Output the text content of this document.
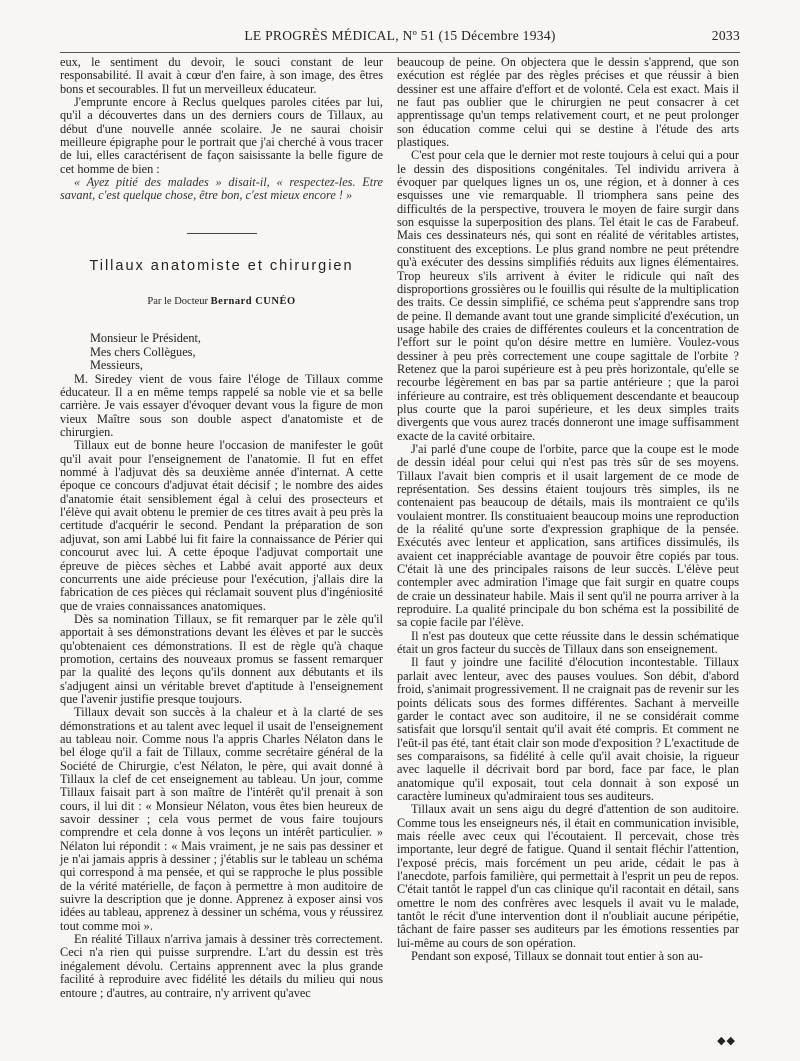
LE PROGRÈS MÉDICAL, Nº 51 (15 Décembre 1934)	2033

eux, le sentiment du devoir, le souci constant de leur responsabilité. Il avait à cœur d'en faire, à son image, des êtres bons et secourables. Il fut un merveilleux éducateur.

J'emprunte encore à Reclus quelques paroles citées par lui, qu'il a découvertes dans un des derniers cours de Tillaux, au début d'une nouvelle année scolaire. Je ne saurai choisir meilleure épigraphe pour le portrait que j'ai cherché à vous tracer de lui, elles caractérisent de façon saisissante la belle figure de cet homme de bien :

« Ayez pitié des malades » disait-il, « respectez-les. Etre savant, c'est quelque chose, être bon, c'est mieux encore ! »

Tillaux anatomiste et chirurgien
Par le Docteur Bernard CUNÉO
Monsieur le Président,
Mes chers Collègues,
Messieurs,

M. Siredey vient de vous faire l'éloge de Tillaux comme éducateur. Il a en même temps rappelé sa noble vie et sa belle carrière. Je vais essayer d'évoquer devant vous la figure de mon vieux Maître sous son double aspect d'anatomiste et de chirurgien.

Tillaux eut de bonne heure l'occasion de manifester le goût qu'il avait pour l'enseignement de l'anatomie. Il fut en effet nommé à l'adjuvat dès sa deuxième année d'internat. A cette époque ce concours d'adjuvat était décisif ; le nombre des aides d'anatomie était sensiblement égal à celui des prosecteurs et l'élève qui avait obtenu le premier de ces titres avait à peu près la certitude d'acquérir le second. Pendant la préparation de son adjuvat, son ami Labbé lui fit faire la connaissance de Périer qui concourut avec lui. A cette époque l'adjuvat comportait une épreuve de pièces sèches et Labbé avait apporté aux deux concurrents une aide précieuse pour l'exécution, j'allais dire la fabrication de ces pièces qui réclamait souvent plus d'ingéniosité que de vraies connaissances anatomiques.

Dès sa nomination Tillaux, se fit remarquer par le zèle qu'il apportait à ses démonstrations devant les élèves et par le succès qu'obtenaient ces démonstrations. Il est de règle qu'à chaque promotion, certains des nouveaux promus se fassent remarquer par la qualité des leçons qu'ils donnent aux débutants et ils s'adjugent ainsi un véritable brevet d'aptitude à l'enseignement que l'avenir justifie presque toujours.

Tillaux devait son succès à la chaleur et à la clarté de ses démonstrations et au talent avec lequel il usait de l'enseignement au tableau noir. Comme nous l'a appris Charles Nélaton dans le bel éloge qu'il a fait de Tillaux, comme secrétaire général de la Société de Chirurgie, c'est Nélaton, le père, qui avait donné à Tillaux la clef de cet enseignement au tableau. Un jour, comme Tillaux faisait part à son maître de l'intérêt qu'il prenait à son cours, il lui dit : « Monsieur Nélaton, vous êtes bien heureux de savoir dessiner ; cela vous permet de vous faire toujours comprendre et cela donne à vos leçons un intérêt particulier. » Nélaton lui répondit : « Mais vraiment, je ne sais pas dessiner et je n'ai jamais appris à dessiner ; j'établis sur le tableau un schéma qui correspond à ma pensée, et qui se rapproche le plus possible de la vérité matérielle, de façon à permettre à mon auditoire de suivre la description que je donne. Apprenez à exposer ainsi vos idées au tableau, apprenez à dessiner un schéma, vous y réussirez tout comme moi ».

En réalité Tillaux n'arriva jamais à dessiner très correctement. Ceci n'a rien qui puisse surprendre. L'art du dessin est très inégalement dévolu. Certains apprennent avec la plus grande facilité à reproduire avec fidélité les détails du milieu qui nous entoure ; d'autres, au contraire, n'y arrivent qu'avec

beaucoup de peine. On objectera que le dessin s'apprend, que son exécution est réglée par des règles précises et que réussir à bien dessiner est une affaire d'effort et de volonté. Cela est exact. Mais il ne faut pas oublier que le chirurgien ne peut consacrer à cet apprentissage qu'un temps relativement court, et ne peut prolonger son éducation comme celui qui se destine à l'étude des arts plastiques.

C'est pour cela que le dernier mot reste toujours à celui qui a pour le dessin des dispositions congénitales. Tel individu arrivera à évoquer par quelques lignes un os, une région, et à donner à ces esquisses une vie remarquable. Il triomphera sans peine des difficultés de la perspective, trouvera le moyen de faire surgir dans son esquisse la superposition des plans. Tel était le cas de Farabeuf. Mais ces dessinateurs nés, qui sont en réalité de véritables artistes, constituent des exceptions. Le plus grand nombre ne peut prétendre qu'à exécuter des dessins simplifiés réduits aux lignes élémentaires. Trop heureux s'ils arrivent à éviter le ridicule qui naît des disproportions grossières ou le fouillis qui résulte de la multiplication des traits. Ce dessin simplifié, ce schéma peut s'apprendre sans trop de peine. Il demande avant tout une grande simplicité d'exécution, un usage habile des craies de différentes couleurs et la concentration de l'effort sur le point qu'on désire mettre en lumière. Voulez-vous dessiner à peu près correctement une coupe sagittale de l'orbite ? Retenez que la paroi supérieure est à peu près horizontale, qu'elle se recourbe légèrement en bas par sa partie antérieure ; que la paroi inférieure au contraire, est très obliquement descendante et beaucoup plus courte que la paroi supérieure, et les deux simples traits divergents que vous aurez tracés donneront une image suffisamment exacte de la cavité orbitaire.

J'ai parlé d'une coupe de l'orbite, parce que la coupe est le mode de dessin idéal pour celui qui n'est pas très sûr de ses moyens. Tillaux l'avait bien compris et il usait largement de ce mode de représentation. Ses dessins étaient toujours très simples, ils ne contenaient pas beaucoup de détails, mais ils montraient ce qu'ils voulaient montrer. Ils constituaient beaucoup moins une reproduction de la réalité qu'une sorte d'expression graphique de la pensée. Exécutés avec lenteur et application, sans artifices dissimulés, ils avaient cet inappréciable avantage de pouvoir être copiés par tous. C'était là une des principales raisons de leur succès. L'élève peut contempler avec admiration l'image que fait surgir en quatre coups de craie un dessinateur habile. Mais il sent qu'il ne pourra arriver à la reproduire. La qualité principale du bon schéma est la possibilité de sa copie facile par l'élève.

Il n'est pas douteux que cette réussite dans le dessin schématique était un gros facteur du succès de Tillaux dans son enseignement.

Il faut y joindre une facilité d'élocution incontestable. Tillaux parlait avec lenteur, avec des pauses voulues. Son débit, d'abord froid, s'animait progressivement. Il ne craignait pas de revenir sur les points délicats sous des formes différentes. Sachant à merveille garder le contact avec son auditoire, il ne se considérait comme satisfait que lorsqu'il sentait qu'il avait été compris. Et comment ne l'eût-il pas été, tant était clair son mode d'exposition ? L'exactitude de ses comparaisons, sa fidélité à celle qu'il avait choisie, la rigueur avec laquelle il décrivait bord par bord, face par face, le plan anatomique qu'il exposait, tout cela donnait à son exposé un caractère lumineux qu'admiraient tous ses auditeurs.

Tillaux avait un sens aigu du degré d'attention de son auditoire. Comme tous les enseigneurs nés, il était en communication invisible, mais réelle avec ceux qui l'écoutaient. Il percevait, chose très importante, leur degré de fatigue. Quand il sentait fléchir l'attention, l'exposé précis, mais forcément un peu aride, cédait le pas à l'anecdote, parfois familière, qui permettait à l'esprit un peu de repos. C'était tantôt le rappel d'un cas clinique qu'il racontait en détail, sans omettre le nom des confrères avec lesquels il avait vu le malade, tantôt le récit d'une intervention dont il n'oubliait aucune péripétie, tâchant de faire passer ses auditeurs par les émotions ressenties par lui-même au cours de son opération.

Pendant son exposé, Tillaux se donnait tout entier à son au-

◆◆
